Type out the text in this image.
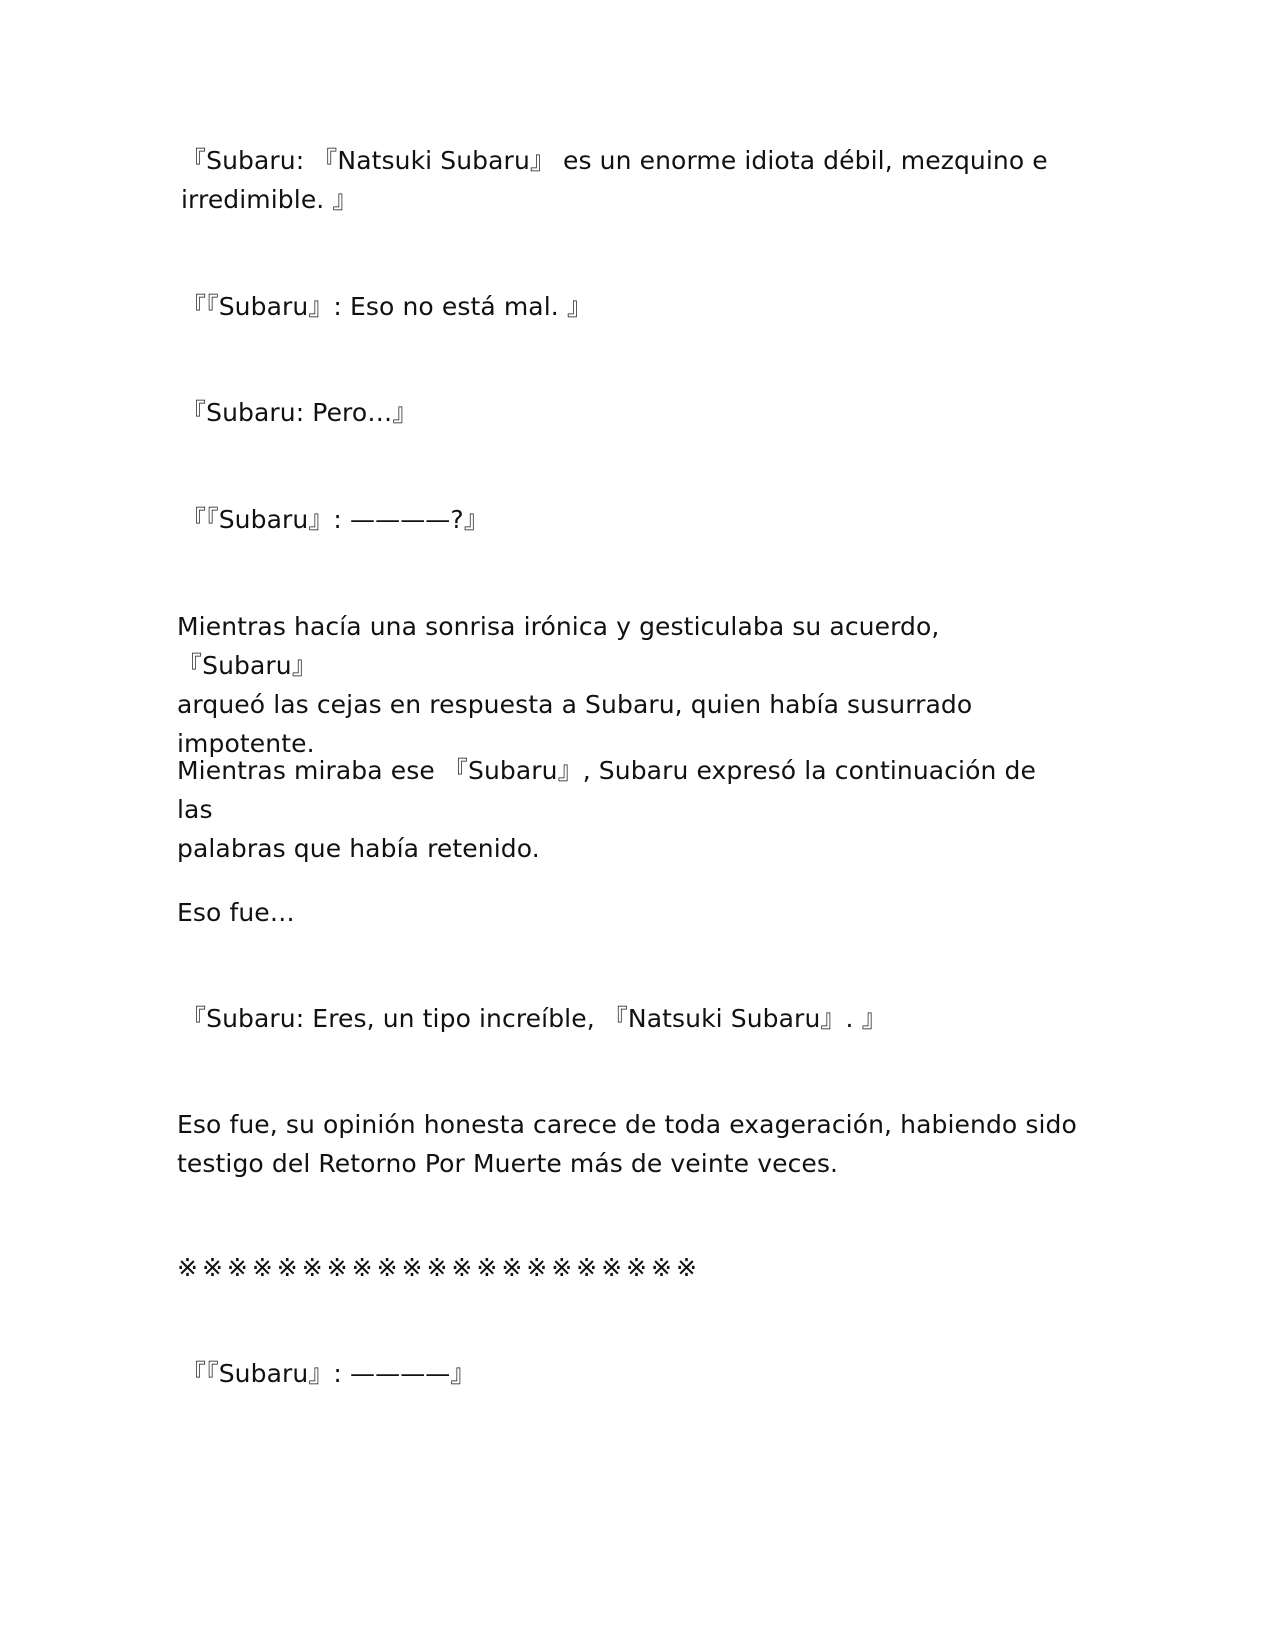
『Subaru: 『Natsuki Subaru』 es un enorme idiota débil, mezquino e
irredimible. 』

『『Subaru』: Eso no está mal. 』

『Subaru: Pero…』

『『Subaru』: ————?』

Mientras hacía una sonrisa irónica y gesticulaba su acuerdo, 『Subaru』
arqueó las cejas en respuesta a Subaru, quien había susurrado impotente.

Mientras miraba ese 『Subaru』, Subaru expresó la continuación de las
palabras que había retenido.

Eso fue…

『Subaru: Eres, un tipo increíble, 『Natsuki Subaru』. 』

Eso fue, su opinión honesta carece de toda exageración, habiendo sido
testigo del Retorno Por Muerte más de veinte veces.

※※※※※※※※※※※※※※※※※※※※※

『『Subaru』: ————』
